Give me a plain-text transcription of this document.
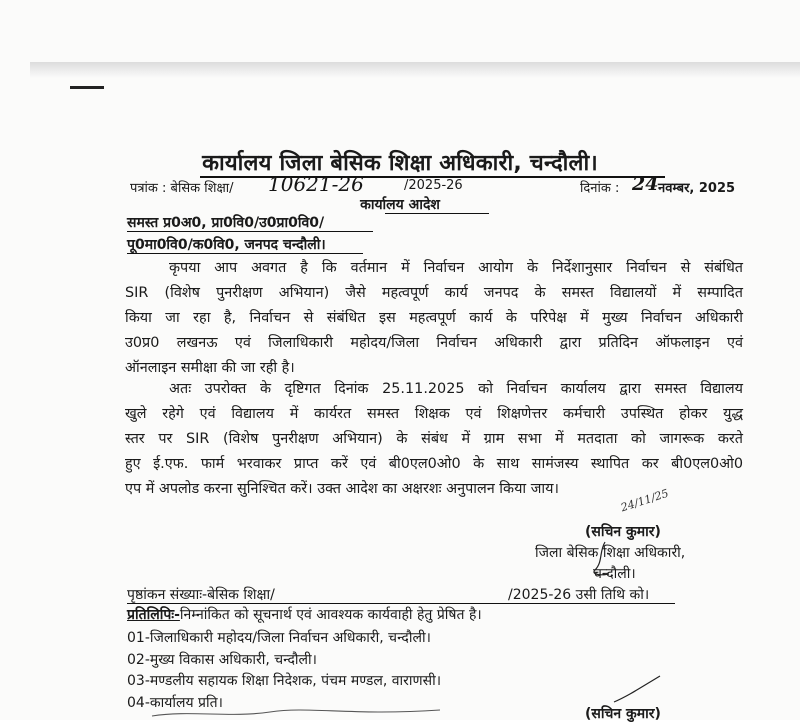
कार्यालय जिला बेसिक शिक्षा अधिकारी, चन्दौली।
पत्रांक : बेसिक शिक्षा/ 10621-26	/2025-26	दिनांक : 24 नवम्बर, 2025
कार्यालय आदेश
समस्त प्र0अ0, प्रा0वि0/उ0प्रा0वि0/
पू0मा0वि0/क0वि0, जनपद चन्दौली।
कृपया आप अवगत है कि वर्तमान में निर्वाचन आयोग के निर्देशानुसार निर्वाचन से संबंधित
SIR (विशेष पुनरीक्षण अभियान) जैसे महत्वपूर्ण कार्य जनपद के समस्त विद्यालयों में सम्पादित
किया जा रहा है, निर्वाचन से संबंधित इस महत्वपूर्ण कार्य के परिपेक्ष में मुख्य निर्वाचन अधिकारी
उ0प्र0 लखनऊ एवं जिलाधिकारी महोदय/जिला निर्वाचन अधिकारी द्वारा प्रतिदिन ऑफलाइन एवं
ऑनलाइन समीक्षा की जा रही है।
अतः उपरोक्त के दृष्टिगत दिनांक 25.11.2025 को निर्वाचन कार्यालय द्वारा समस्त विद्यालय
खुले रहेगे एवं विद्यालय में कार्यरत समस्त शिक्षक एवं शिक्षणेत्तर कर्मचारी उपस्थित होकर युद्ध
स्तर पर SIR (विशेष पुनरीक्षण अभियान) के संबंध में ग्राम सभा में मतदाता को जागरूक करते
हुए ई.एफ. फार्म भरवाकर प्राप्त करें एवं बी0एल0ओ0 के साथ सामंजस्य स्थापित कर बी0एल0ओ0
एप में अपलोड करना सुनिश्चित करें। उक्त आदेश का अक्षरशः अनुपालन किया जाय।	24/11/25
(सचिन कुमार)
जिला बेसिक शिक्षा अधिकारी,
चन्दौली।
पृष्ठांकन संख्याः-बेसिक शिक्षा/	/2025-26 उसी तिथि को।
प्रतिलिपिः-निम्नांकित को सूचनार्थ एवं आवश्यक कार्यवाही हेतु प्रेषित है।
01-जिलाधिकारी महोदय/जिला निर्वाचन अधिकारी, चन्दौली।
02-मुख्य विकास अधिकारी, चन्दौली।
03-मण्डलीय सहायक शिक्षा निदेशक, पंचम मण्डल, वाराणसी।
04-कार्यालय प्रति।
(सचिन कुमार)
